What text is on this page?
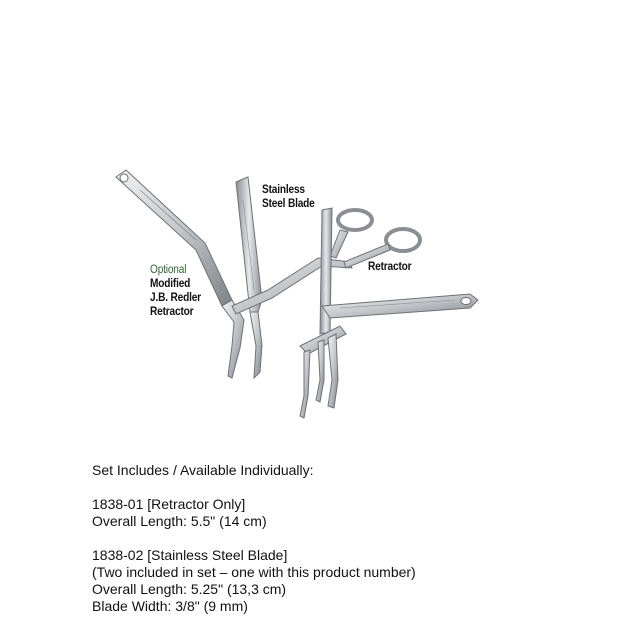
Stainless
Steel Blade
Retractor
Optional
Modified
J.B. Redler
Retractor
Set Includes / Available Individually:
1838-01 [Retractor Only]
Overall Length: 5.5" (14 cm)
1838-02 [Stainless Steel Blade]
(Two included in set – one with this product number)
Overall Length: 5.25" (13,3 cm)
Blade Width: 3/8" (9 mm)
